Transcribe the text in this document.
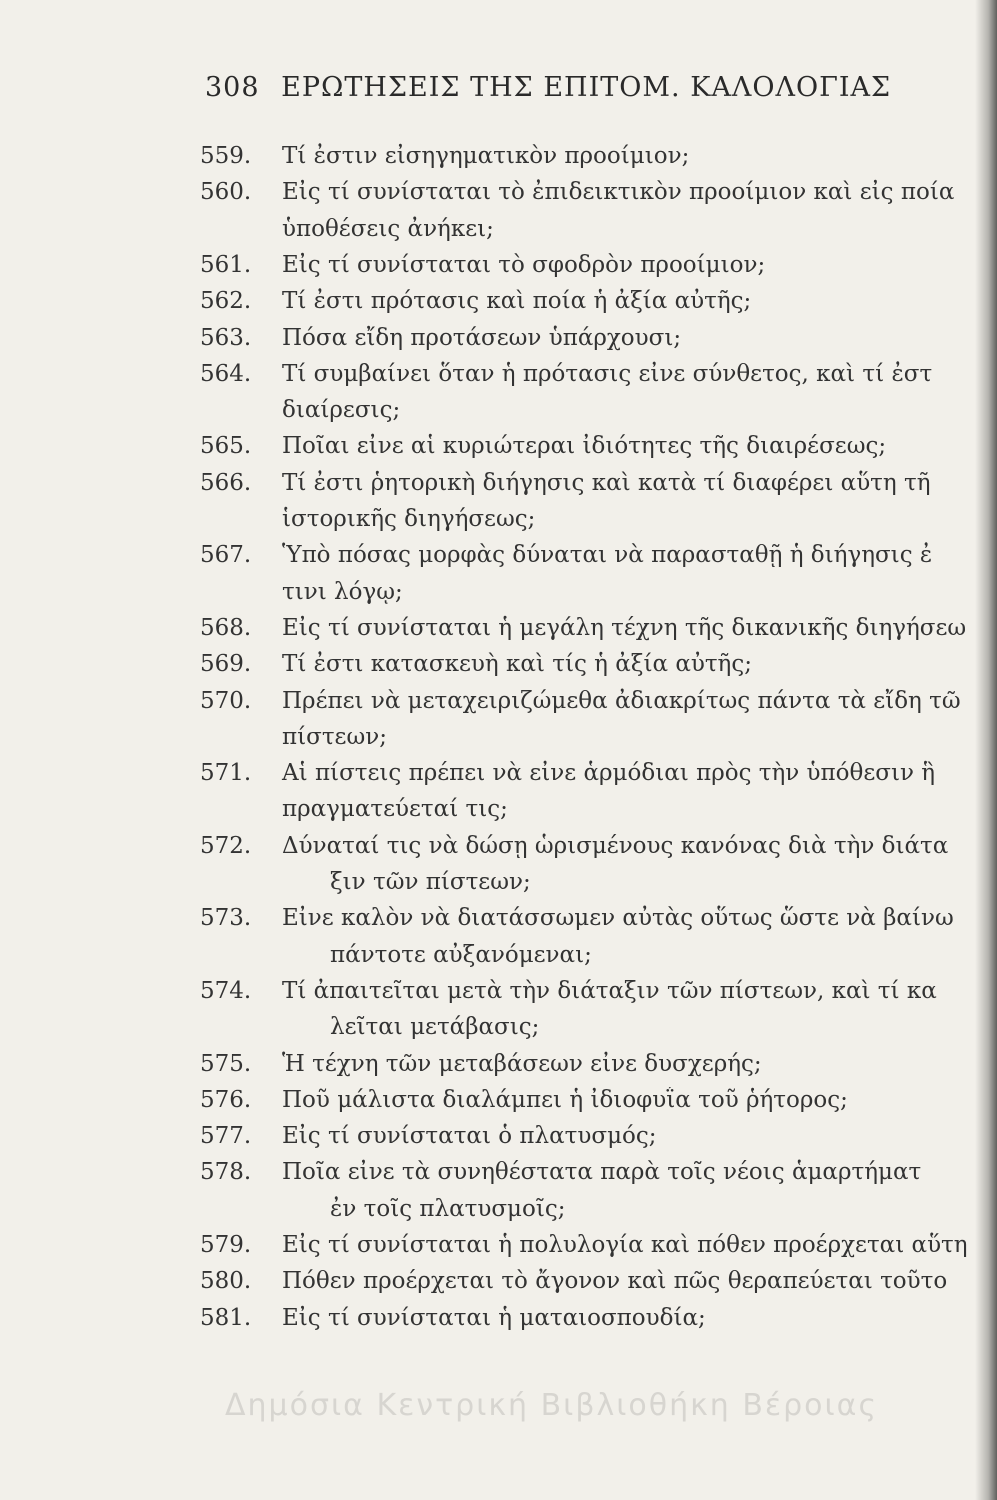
308 ΕΡΩΤΗΣΕΙΣ ΤΗΣ ΕΠΙΤΟΜ. ΚΑΛΟΛΟΓΙΑΣ
559. Τί ἐστιν εἰσηγηματικὸν προοίμιον;
560. Εἰς τί συνίσταται τὸ ἐπιδεικτικὸν προοίμιον καὶ εἰς ποία
ὑποθέσεις ἀνήκει;
561. Εἰς τί συνίσταται τὸ σφοδρὸν προοίμιον;
562. Τί ἐστι πρότασις καὶ ποία ἡ ἀξία αὐτῆς;
563. Πόσα εἴδη προτάσεων ὑπάρχουσι;
564. Τί συμβαίνει ὅταν ἡ πρότασις εἶνε σύνθετος, καὶ τί ἐστ
διαίρεσις;
565. Ποῖαι εἶνε αἱ κυριώτεραι ἰδιότητες τῆς διαιρέσεως;
566. Τί ἐστι ῥητορικὴ διήγησις καὶ κατὰ τί διαφέρει αὕτη τῆ
ἱστορικῆς διηγήσεως;
567. Ὑπὸ πόσας μορφὰς δύναται νὰ παρασταθῇ ἡ διήγησις ἐ
τινι λόγῳ;
568. Εἰς τί συνίσταται ἡ μεγάλη τέχνη τῆς δικανικῆς διηγήσεω
569. Τί ἐστι κατασκευὴ καὶ τίς ἡ ἀξία αὐτῆς;
570. Πρέπει νὰ μεταχειριζώμεθα ἀδιακρίτως πάντα τὰ εἴδη τῶ
πίστεων;
571. Αἱ πίστεις πρέπει νὰ εἶνε ἁρμόδιαι πρὸς τὴν ὑπόθεσιν ἣ
πραγματεύεταί τις;
572. Δύναταί τις νὰ δώσῃ ὡρισμένους κανόνας διὰ τὴν διάτα
ξιν τῶν πίστεων;
573. Εἶνε καλὸν νὰ διατάσσωμεν αὐτὰς οὕτως ὥστε νὰ βαίνω
πάντοτε αὐξανόμεναι;
574. Τί ἀπαιτεῖται μετὰ τὴν διάταξιν τῶν πίστεων, καὶ τί κα
λεῖται μετάβασις;
575. Ἡ τέχνη τῶν μεταβάσεων εἶνε δυσχερής;
576. Ποῦ μάλιστα διαλάμπει ἡ ἰδιοφυΐα τοῦ ῥήτορος;
577. Εἰς τί συνίσταται ὁ πλατυσμός;
578. Ποῖα εἶνε τὰ συνηθέστατα παρὰ τοῖς νέοις ἁμαρτήματ
ἐν τοῖς πλατυσμοῖς;
579. Εἰς τί συνίσταται ἡ πολυλογία καὶ πόθεν προέρχεται αὕτη
580. Πόθεν προέρχεται τὸ ἄγονον καὶ πῶς θεραπεύεται τοῦτο
581. Εἰς τί συνίσταται ἡ ματαιοσπουδία;
Δημόσια Κεντρική Βιβλιοθήκη Βέροιας
